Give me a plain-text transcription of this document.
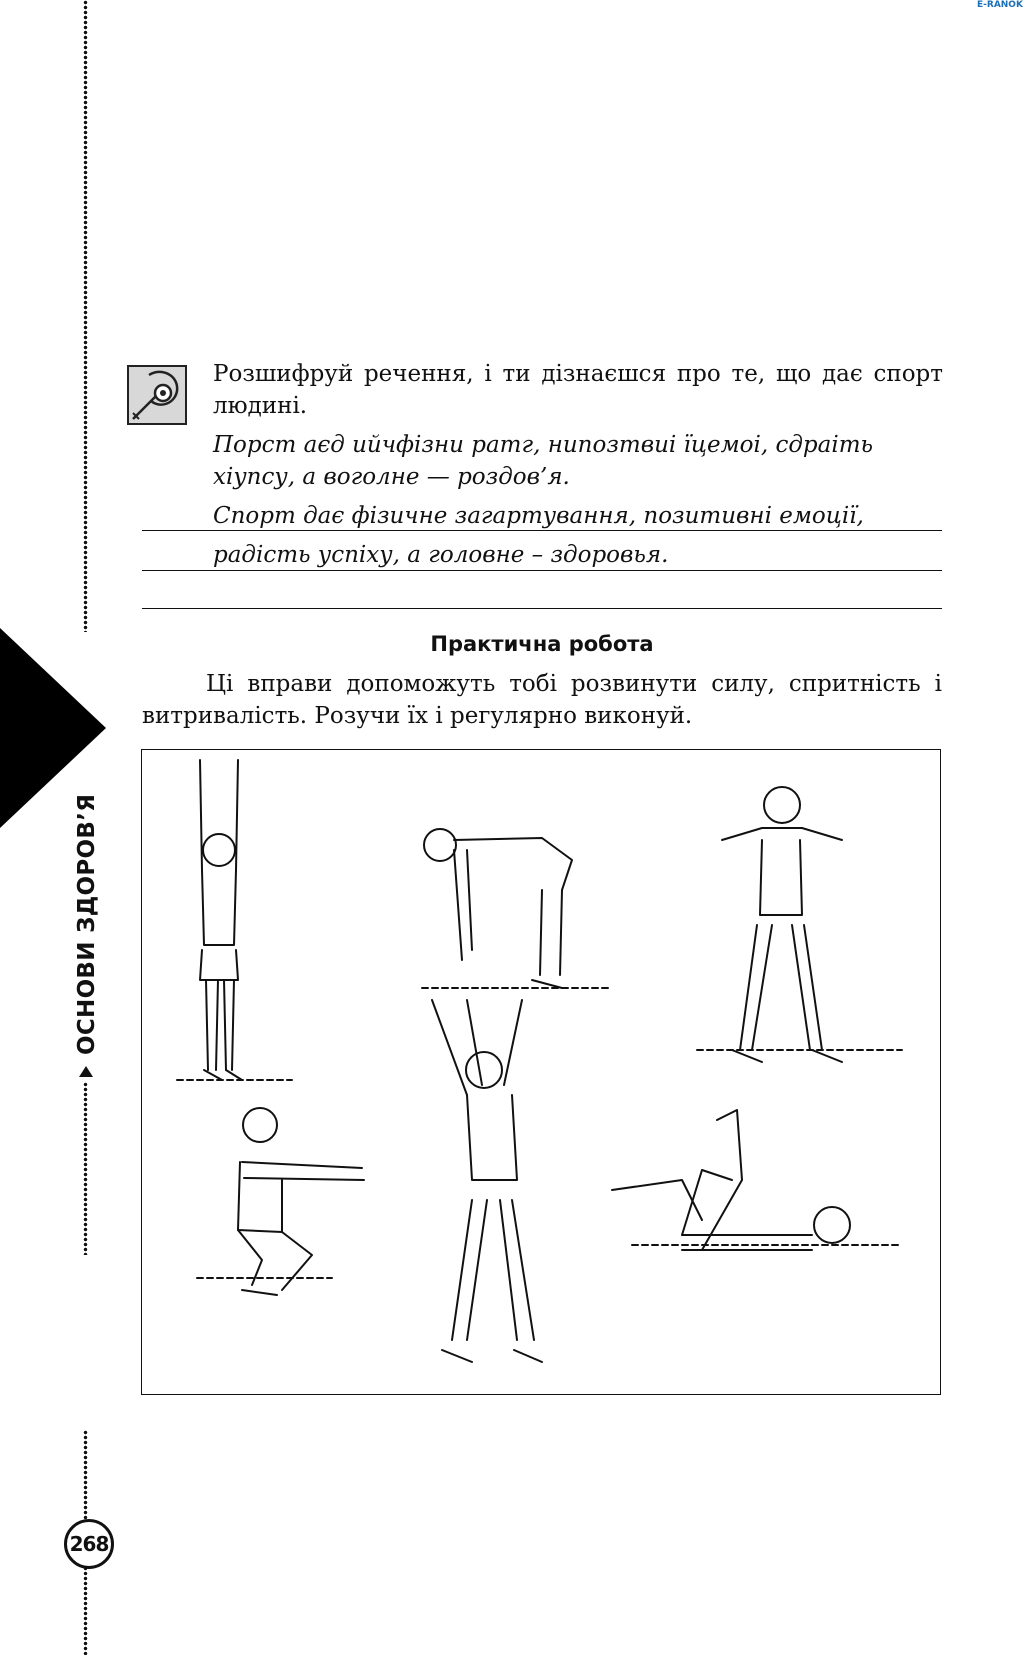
Е-RANOK
ОСНОВИ ЗДОРОВ’Я
268
Розшифруй речення, і ти дізнаєшся про те, що дає спорт людині.
Порст аєд ийчфізни ратг, нипозтвиі їцемоі, сдраіть хіупсу, а воголне — роздов’я.
Спорт дає фізичне загартування, позитивні емоції,
радість успіху, а головне – здоровья.
Практична робота
Ці вправи допоможуть тобі розвинути силу, спритність і витривалість. Розучи їх і регулярно виконуй.
